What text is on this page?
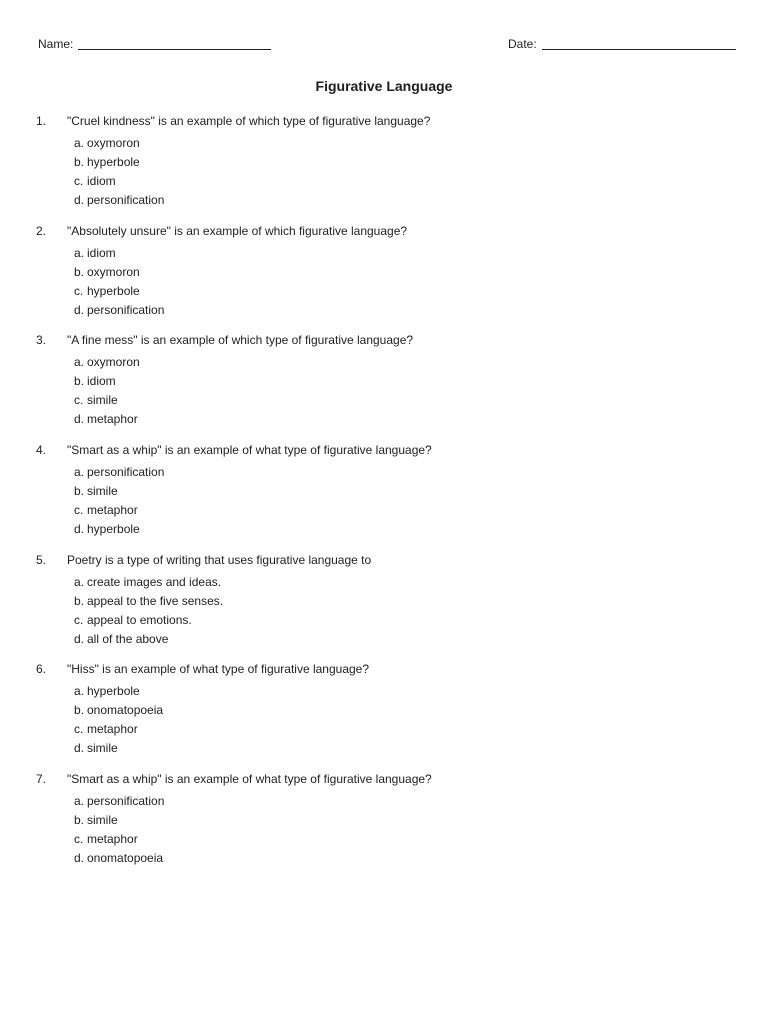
Name:	Date:
Figurative Language
1. "Cruel kindness" is an example of which type of figurative language?
a. oxymoron
b. hyperbole
c. idiom
d. personification
2. "Absolutely unsure" is an example of which figurative language?
a. idiom
b. oxymoron
c. hyperbole
d. personification
3. "A fine mess" is an example of which type of figurative language?
a. oxymoron
b. idiom
c. simile
d. metaphor
4. "Smart as a whip" is an example of what type of figurative language?
a. personification
b. simile
c. metaphor
d. hyperbole
5. Poetry is a type of writing that uses figurative language to
a. create images and ideas.
b. appeal to the five senses.
c. appeal to emotions.
d. all of the above
6. "Hiss" is an example of what type of figurative language?
a. hyperbole
b. onomatopoeia
c. metaphor
d. simile
7. "Smart as a whip" is an example of what type of figurative language?
a. personification
b. simile
c. metaphor
d. onomatopoeia
